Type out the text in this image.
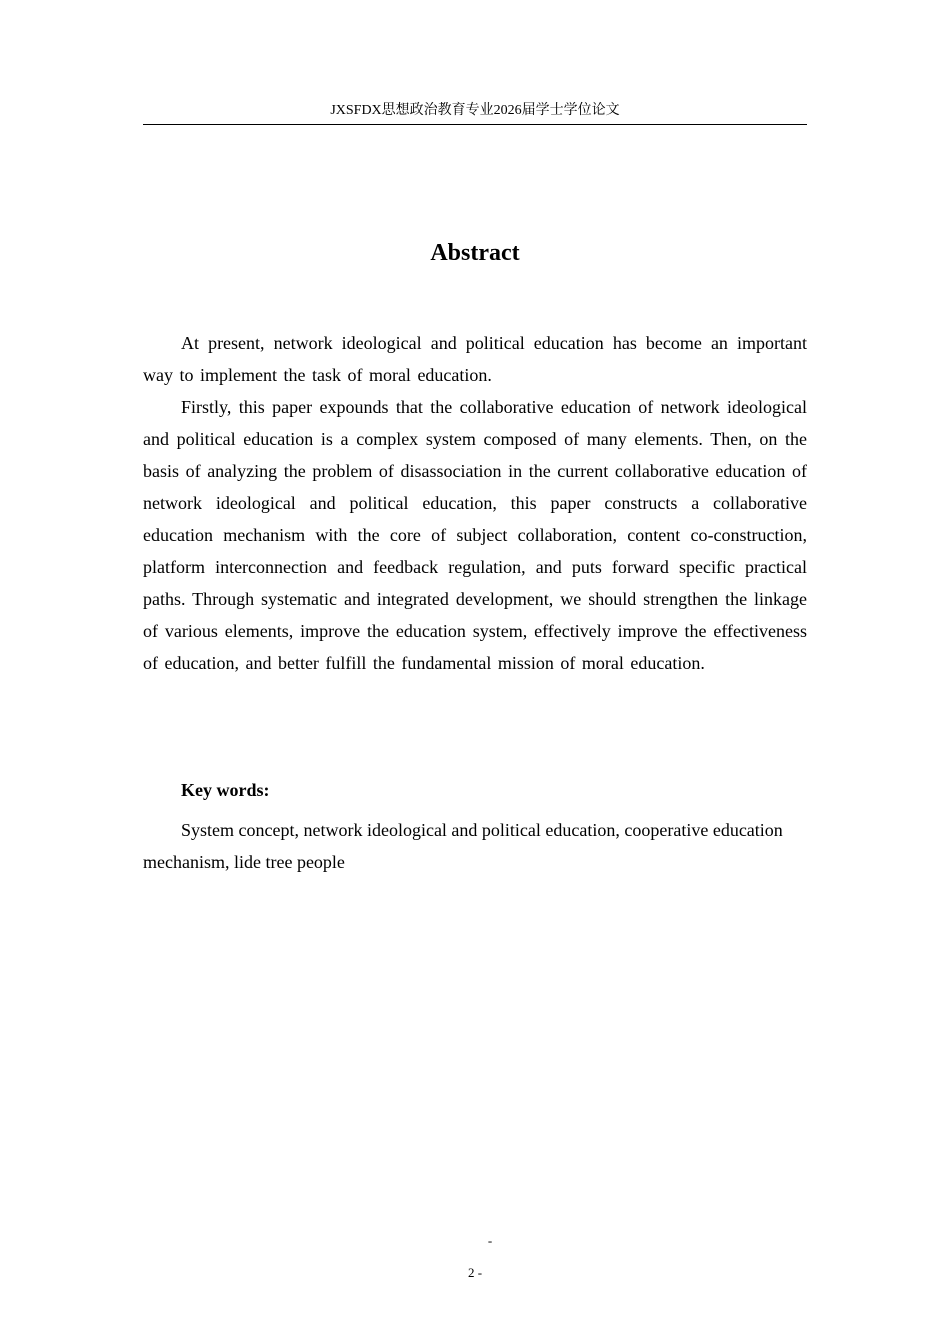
JXSFDX思想政治教育专业2026届学士学位论文
Abstract

At present, network ideological and political education has become an important way to implement the task of moral education.

Firstly, this paper expounds that the collaborative education of network ideological and political education is a complex system composed of many elements. Then, on the basis of analyzing the problem of disassociation in the current collaborative education of network ideological and political education, this paper constructs a collaborative education mechanism with the core of subject collaboration, content co-construction, platform interconnection and feedback regulation, and puts forward specific practical paths. Through systematic and integrated development, we should strengthen the linkage of various elements, improve the education system, effectively improve the effectiveness of education, and better fulfill the fundamental mission of moral education.

Key words:

System concept, network ideological and political education, cooperative education mechanism, lide tree people

-
2 -
